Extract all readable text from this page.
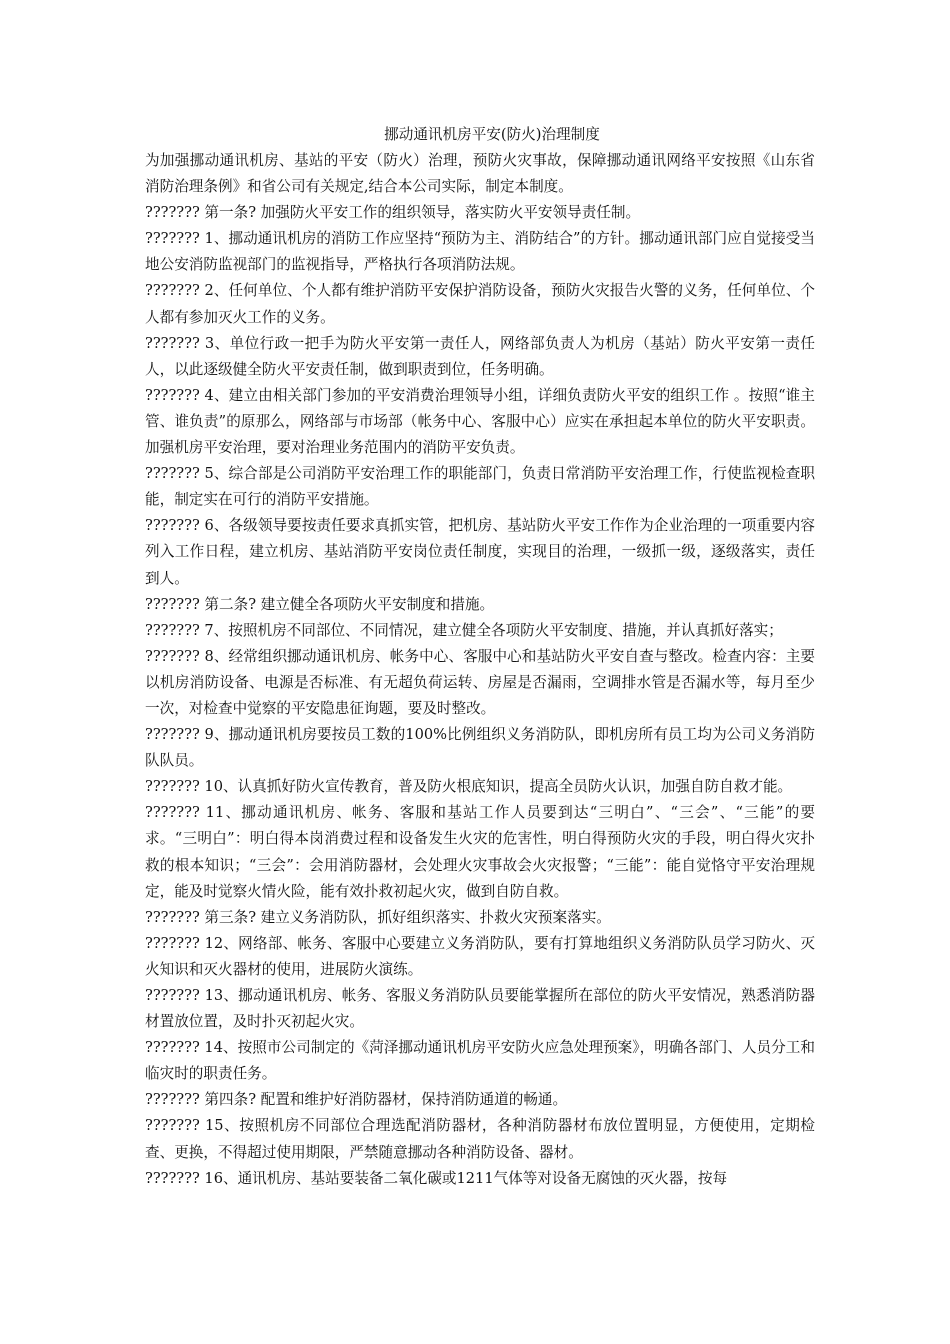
挪动通讯机房平安(防火)治理制度

为加强挪动通讯机房、基站的平安（防火）治理，预防火灾事故，保障挪动通讯网络平安按照《山东省消防治理条例》和省公司有关规定,结合本公司实际，制定本制度。

??????? 第一条? 加强防火平安工作的组织领导，落实防火平安领导责任制。

??????? 1、挪动通讯机房的消防工作应坚持“预防为主、消防结合”的方针。挪动通讯部门应自觉接受当地公安消防监视部门的监视指导，严格执行各项消防法规。

??????? 2、任何单位、个人都有维护消防平安保护消防设备，预防火灾报告火警的义务，任何单位、个人都有参加灭火工作的义务。

??????? 3、单位行政一把手为防火平安第一责任人，网络部负责人为机房（基站）防火平安第一责任人，以此逐级健全防火平安责任制，做到职责到位，任务明确。

??????? 4、建立由相关部门参加的平安消费治理领导小组，详细负责防火平安的组织工作 。按照“谁主管、谁负责”的原那么，网络部与市场部（帐务中心、客服中心）应实在承担起本单位的防火平安职责。加强机房平安治理，要对治理业务范围内的消防平安负责。

??????? 5、综合部是公司消防平安治理工作的职能部门，负责日常消防平安治理工作，行使监视检查职能，制定实在可行的消防平安措施。

??????? 6、各级领导要按责任要求真抓实管，把机房、基站防火平安工作作为企业治理的一项重要内容列入工作日程，建立机房、基站消防平安岗位责任制度，实现目的治理，一级抓一级，逐级落实，责任到人。

??????? 第二条? 建立健全各项防火平安制度和措施。

??????? 7、按照机房不同部位、不同情况，建立健全各项防火平安制度、措施，并认真抓好落实；

??????? 8、经常组织挪动通讯机房、帐务中心、客服中心和基站防火平安自查与整改。检查内容：主要以机房消防设备、电源是否标准、有无超负荷运转、房屋是否漏雨，空调排水管是否漏水等，每月至少一次，对检查中觉察的平安隐患征询题，要及时整改。

??????? 9、挪动通讯机房要按员工数的100%比例组织义务消防队，即机房所有员工均为公司义务消防队队员。

??????? 10、认真抓好防火宣传教育，普及防火根底知识，提高全员防火认识，加强自防自救才能。

??????? 11、挪动通讯机房、帐务、客服和基站工作人员要到达“三明白”、“三会”、“三能”的要求。“三明白”：明白得本岗消费过程和设备发生火灾的危害性，明白得预防火灾的手段，明白得火灾扑救的根本知识；“三会”：会用消防器材，会处理火灾事故会火灾报警；“三能”：能自觉恪守平安治理规定，能及时觉察火情火险，能有效扑救初起火灾，做到自防自救。

??????? 第三条? 建立义务消防队，抓好组织落实、扑救火灾预案落实。

??????? 12、网络部、帐务、客服中心要建立义务消防队，要有打算地组织义务消防队员学习防火、灭火知识和灭火器材的使用，进展防火演练。

??????? 13、挪动通讯机房、帐务、客服义务消防队员要能掌握所在部位的防火平安情况，熟悉消防器材置放位置，及时扑灭初起火灾。

??????? 14、按照市公司制定的《菏泽挪动通讯机房平安防火应急处理预案》，明确各部门、人员分工和临灾时的职责任务。

??????? 第四条? 配置和维护好消防器材，保持消防通道的畅通。

??????? 15、按照机房不同部位合理选配消防器材，各种消防器材布放位置明显，方便使用，定期检查、更换，不得超过使用期限，严禁随意挪动各种消防设备、器材。

??????? 16、通讯机房、基站要装备二氧化碳或1211气体等对设备无腐蚀的灭火器，按每
